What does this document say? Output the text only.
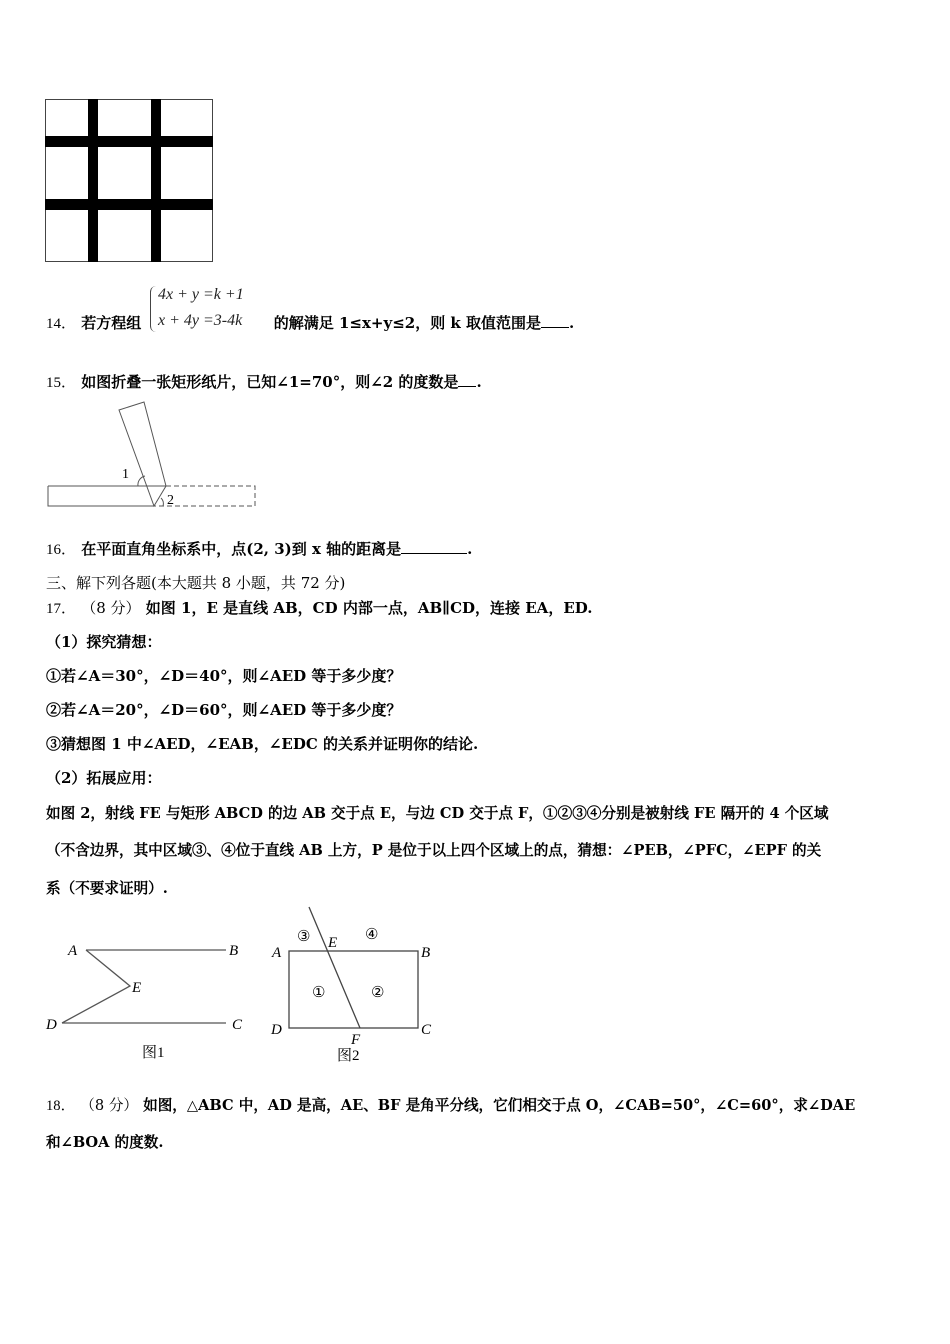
14． 若方程组	的解满足 1≤x+y≤2，则 k 取值范围是 .
4x + y =k +1
x + 4y =3-4k
15． 如图折叠一张矩形纸片，已知∠1=70°，则∠2 的度数是 .
1
2
16． 在平面直角坐标系中，点(2, 3)到 x 轴的距离是	.
三、解下列各题(本大题共 8 小题，共 72 分)
17． （8 分） 如图 1，E 是直线 AB，CD 内部一点，AB∥CD，连接 EA，ED.
（1）探究猜想：
①若∠A＝30°，∠D＝40°，则∠AED 等于多少度？
②若∠A＝20°，∠D＝60°，则∠AED 等于多少度？
③猜想图 1 中∠AED，∠EAB，∠EDC 的关系并证明你的结论.
（2）拓展应用：
如图 2，射线 FE 与矩形 ABCD 的边 AB 交于点 E，与边 CD 交于点 F，①②③④分别是被射线 FE 隔开的 4 个区域
（不含边界，其中区域③、④位于直线 AB 上方，P 是位于以上四个区域上的点，猜想：∠PEB，∠PFC，∠EPF 的关
系（不要求证明）.
A	B
E
D	C
图1
A	B
E
D	C
F
①	②
③	④
图2
18． （8 分） 如图，△ABC 中，AD 是高，AE、BF 是角平分线，它们相交于点 O，∠CAB=50°，∠C=60°，求∠DAE
和∠BOA 的度数.
